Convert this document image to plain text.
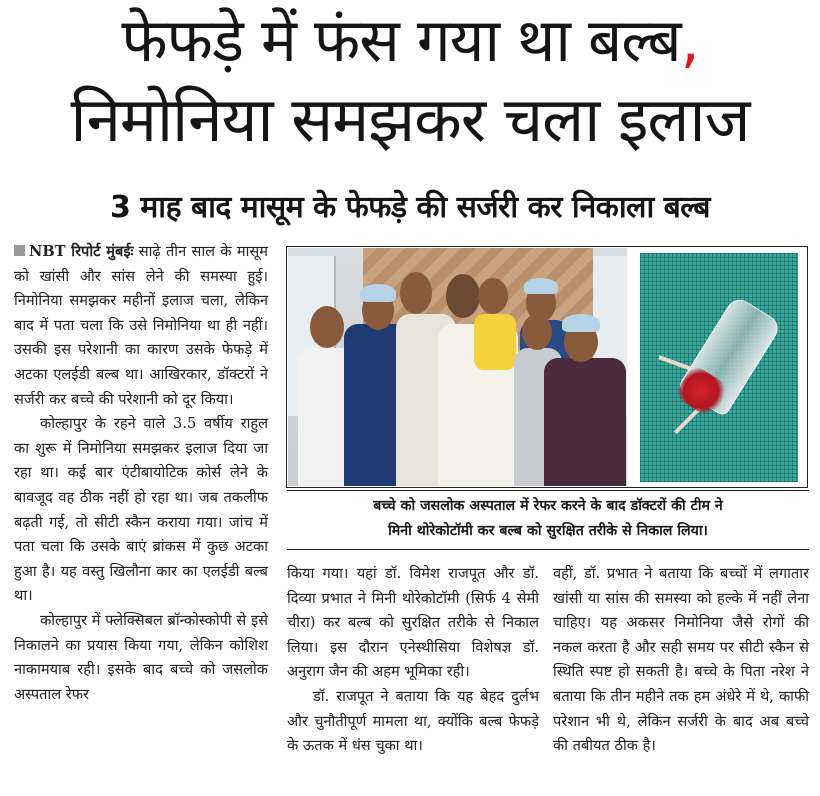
फेफड़े में फंस गया था बल्ब,
निमोनिया समझकर चला इलाज
3 माह बाद मासूम के फेफड़े की सर्जरी कर निकाला बल्ब

NBT रिपोर्ट मुंबईः साढ़े तीन साल के मासूम को खांसी और सांस लेने की समस्या हुई। निमोनिया समझकर महीनों इलाज चला, लेकिन बाद में पता चला कि उसे निमोनिया था ही नहीं। उसकी इस परेशानी का कारण उसके फेफड़े में अटका एलईडी बल्ब था। आखिरकार, डॉक्टरों ने सर्जरी कर बच्चे की परेशानी को दूर किया।

कोल्हापुर के रहने वाले 3.5 वर्षीय राहुल का शुरू में निमोनिया समझकर इलाज दिया जा रहा था। कई बार एंटीबायोटिक कोर्स लेने के बावजूद वह ठीक नहीं हो रहा था। जब तकलीफ बढ़ती गई, तो सीटी स्कैन कराया गया। जांच में पता चला कि उसके बाएं ब्रांकस में कुछ अटका हुआ है। यह वस्तु खिलौना कार का एलईडी बल्ब था।

कोल्हापुर में फ्लेक्सिबल ब्रॉन्कोस्कोपी से इसे निकालने का प्रयास किया गया, लेकिन कोशिश नाकामयाब रही। इसके बाद बच्चे को जसलोक अस्पताल रेफर

बच्चे को जसलोक अस्पताल में रेफर करने के बाद डॉक्टरों की टीम ने
मिनी थोरेकोटॉमी कर बल्ब को सुरक्षित तरीके से निकाल लिया।

किया गया। यहां डॉ. विमेश राजपूत और डॉ. दिव्या प्रभात ने मिनी थोरेकोटॉमी (सिर्फ 4 सेमी चीरा) कर बल्ब को सुरक्षित तरीके से निकाल लिया। इस दौरान एनेस्थीसिया विशेषज्ञ डॉ. अनुराग जैन की अहम भूमिका रही।

डॉ. राजपूत ने बताया कि यह बेहद दुर्लभ और चुनौतीपूर्ण मामला था, क्योंकि बल्ब फेफड़े के ऊतक में धंस चुका था।

वहीं, डॉ. प्रभात ने बताया कि बच्चों में लगातार खांसी या सांस की समस्या को हल्के में नहीं लेना चाहिए। यह अकसर निमोनिया जैसे रोगों की नकल करता है और सही समय पर सीटी स्कैन से स्थिति स्पष्ट हो सकती है। बच्चे के पिता नरेश ने बताया कि तीन महीने तक हम अंधेरे में थे, काफी परेशान भी थे, लेकिन सर्जरी के बाद अब बच्चे की तबीयत ठीक है।
